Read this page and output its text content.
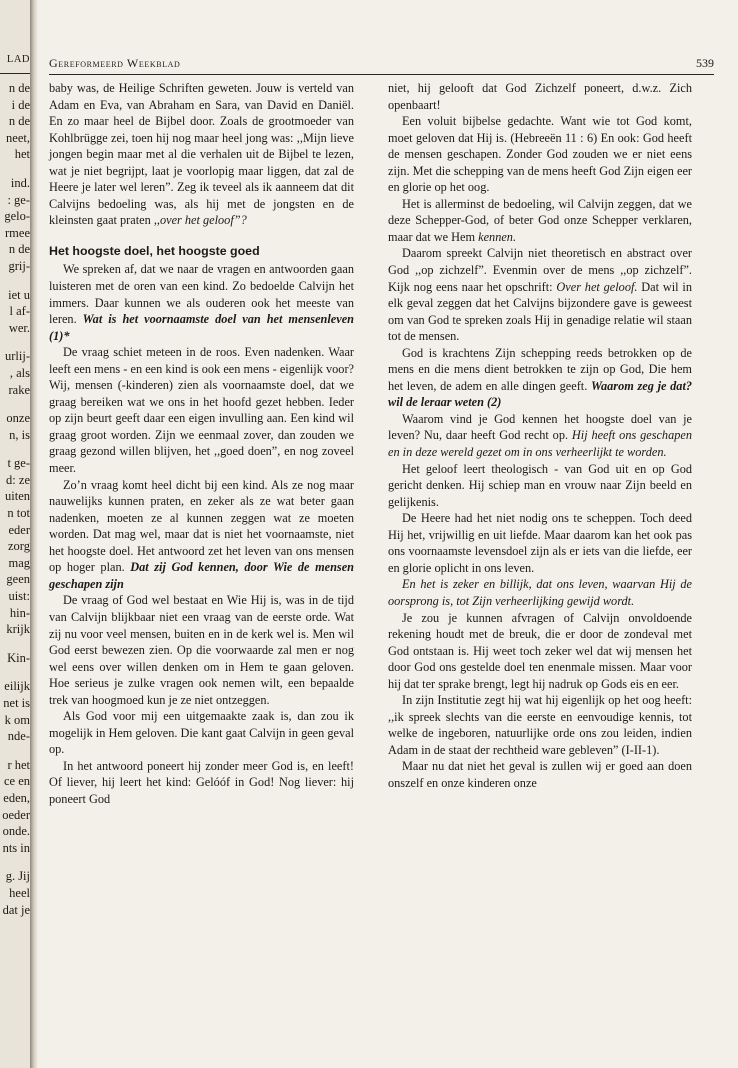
LAD
n de
i de
n de
neet,
het
ind.
: ge-
gelo-
rmee
n de
grij-
iet u
l af-
wer.
urlij-
, als
rake
onze
n, is
t ge-
d: ze
uiten
n tot
eder
zorg
mag
geen
uist:
hin-
krijk
Kin-
eilijk
net is
k om
nde-
r het
ce en
eden,
oeder
onde.
nts in
g. Jij
heel
dat je
Gereformeerd Weekblad	539

baby was, de Heilige Schriften geweten. Jouw is verteld van Adam en Eva, van Abraham en Sara, van David en Daniël. En zo maar heel de Bijbel door. Zoals de grootmoeder van Kohlbrügge zei, toen hij nog maar heel jong was: ,,Mijn lieve jongen begin maar met al die verhalen uit de Bijbel te lezen, wat je niet begrijpt, laat je voorlopig maar liggen, dat zal de Heere je later wel leren”. Zeg ik teveel als ik aanneem dat dit Calvijns bedoeling was, als hij met de jongsten en de kleinsten gaat praten ,,over het geloof”?

Het hoogste doel, het hoogste goed

We spreken af, dat we naar de vragen en antwoorden gaan luisteren met de oren van een kind. Zo bedoelde Calvijn het immers. Daar kunnen we als ouderen ook het meeste van leren. Wat is het voornaamste doel van het mensenleven (1)*

De vraag schiet meteen in de roos. Even nadenken. Waar leeft een mens - en een kind is ook een mens - eigenlijk voor? Wij, mensen (-kinderen) zien als voornaamste doel, dat we graag bereiken wat we ons in het hoofd gezet hebben. Ieder op zijn beurt geeft daar een eigen invulling aan. Een kind wil graag groot worden. Zijn we eenmaal zover, dan zouden we graag gezond willen blijven, het ,,goed doen”, en nog zoveel meer.

Zo’n vraag komt heel dicht bij een kind. Als ze nog maar nauwelijks kunnen praten, en zeker als ze wat beter gaan nadenken, moeten ze al kunnen zeggen wat ze moeten worden. Dat mag wel, maar dat is niet het voornaamste, niet het hoogste doel. Het antwoord zet het leven van ons mensen op hoger plan. Dat zij God kennen, door Wie de mensen geschapen zijn

De vraag of God wel bestaat en Wie Hij is, was in de tijd van Calvijn blijkbaar niet een vraag van de eerste orde. Wat zij nu voor veel mensen, buiten en in de kerk wel is. Men wil God eerst bewezen zien. Op die voorwaarde zal men er nog wel eens over willen denken om in Hem te gaan geloven. Hoe serieus je zulke vragen ook nemen wilt, een bepaalde trek van hoogmoed kun je ze niet ontzeggen.

Als God voor mij een uitgemaakte zaak is, dan zou ik mogelijk in Hem geloven. Die kant gaat Calvijn in geen geval op.

In het antwoord poneert hij zonder meer God is, en leeft! Of liever, hij leert het kind: Gelóóf in God! Nog liever: hij poneert God

niet, hij gelooft dat God Zichzelf poneert, d.w.z. Zich openbaart!

Een voluit bijbelse gedachte. Want wie tot God komt, moet geloven dat Hij is. (Hebreeën 11 : 6) En ook: God heeft de mensen geschapen. Zonder God zouden we er niet eens zijn. Met die schepping van de mens heeft God Zijn eigen eer en glorie op het oog.

Het is allerminst de bedoeling, wil Calvijn zeggen, dat we deze Schepper-God, of beter God onze Schepper verklaren, maar dat we Hem kennen.

Daarom spreekt Calvijn niet theoretisch en abstract over God ,,op zichzelf”. Evenmin over de mens ,,op zichzelf”. Kijk nog eens naar het opschrift: Over het geloof. Dat wil in elk geval zeggen dat het Calvijns bijzondere gave is geweest om van God te spreken zoals Hij in genadige relatie wil staan tot de mensen.

God is krachtens Zijn schepping reeds betrokken op de mens en die mens dient betrokken te zijn op God, Die hem het leven, de adem en alle dingen geeft. Waarom zeg je dat? wil de leraar weten (2)

Waarom vind je God kennen het hoogste doel van je leven? Nu, daar heeft God recht op. Hij heeft ons geschapen en in deze wereld gezet om in ons verheerlijkt te worden.

Het geloof leert theologisch - van God uit en op God gericht denken. Hij schiep man en vrouw naar Zijn beeld en gelijkenis.

De Heere had het niet nodig ons te scheppen. Toch deed Hij het, vrijwillig en uit liefde. Maar daarom kan het ook pas ons voornaamste levensdoel zijn als er iets van die liefde, eer en glorie oplicht in ons leven.

En het is zeker en billijk, dat ons leven, waarvan Hij de oorsprong is, tot Zijn verheerlijking gewijd wordt.

Je zou je kunnen afvragen of Calvijn onvoldoende rekening houdt met de breuk, die er door de zondeval met God ontstaan is. Hij weet toch zeker wel dat wij mensen het door God ons gestelde doel ten enenmale missen. Maar voor hij dat ter sprake brengt, legt hij nadruk op Gods eis en eer.

In zijn Institutie zegt hij wat hij eigenlijk op het oog heeft: ,,ik spreek slechts van die eerste en eenvoudige kennis, tot welke de ingeboren, natuurlijke orde ons zou leiden, indien Adam in de staat der rechtheid ware gebleven” (I-II-1).

Maar nu dat niet het geval is zullen wij er goed aan doen onszelf en onze kinderen onze
